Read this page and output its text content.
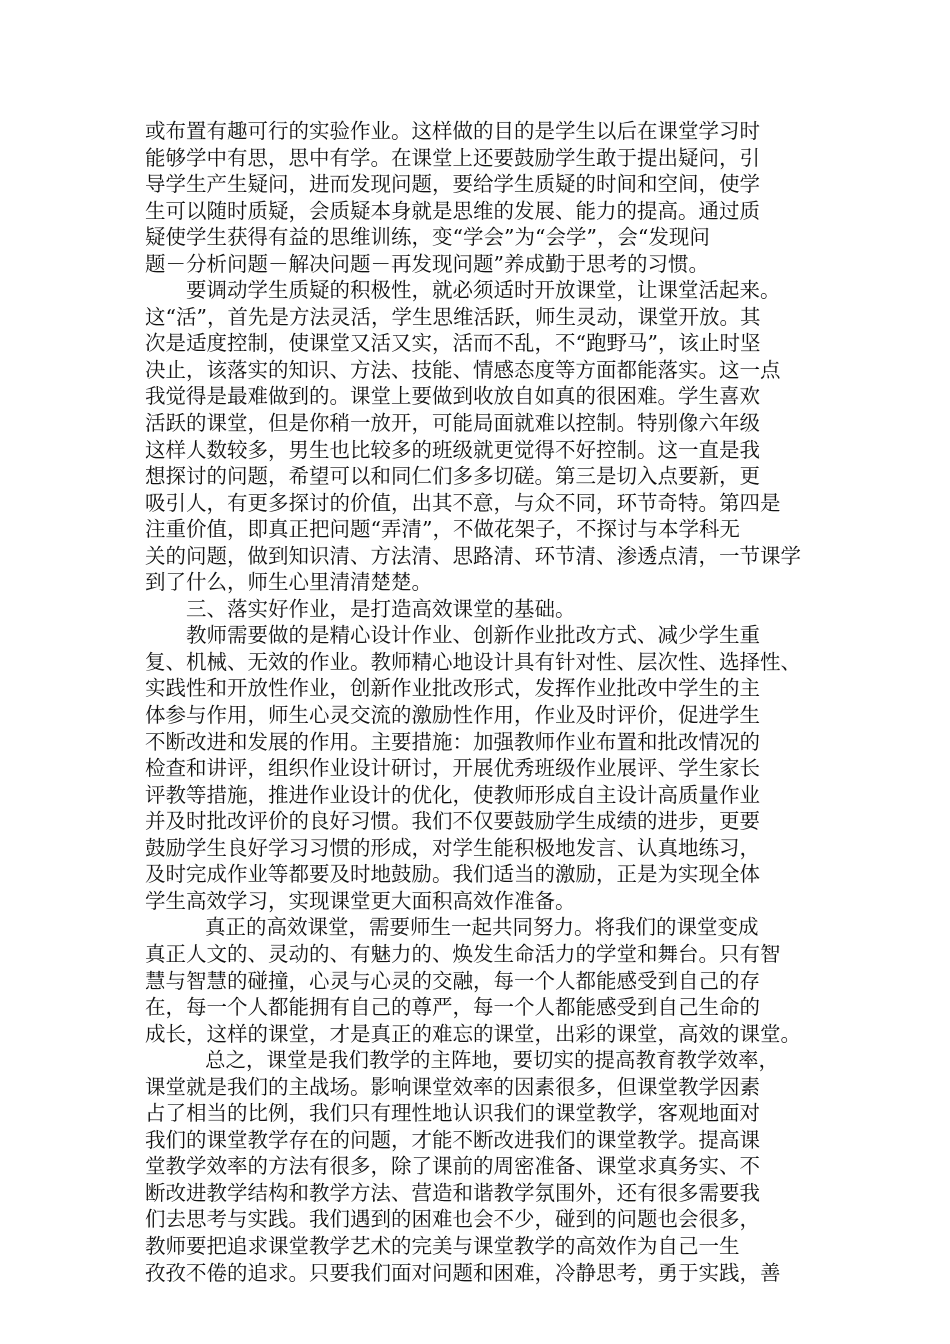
或布置有趣可行的实验作业。这样做的目的是学生以后在课堂学习时
能够学中有思，思中有学。在课堂上还要鼓励学生敢于提出疑问，引
导学生产生疑问，进而发现问题，要给学生质疑的时间和空间，使学
生可以随时质疑，会质疑本身就是思维的发展、能力的提高。通过质
疑使学生获得有益的思维训练，变“学会”为“会学”，会“发现问
题－分析问题－解决问题－再发现问题”养成勤于思考的习惯。
要调动学生质疑的积极性，就必须适时开放课堂，让课堂活起来。
这“活”，首先是方法灵活，学生思维活跃，师生灵动，课堂开放。其
次是适度控制，使课堂又活又实，活而不乱，不“跑野马”，该止时坚
决止，该落实的知识、方法、技能、情感态度等方面都能落实。这一点
我觉得是最难做到的。课堂上要做到收放自如真的很困难。学生喜欢
活跃的课堂，但是你稍一放开，可能局面就难以控制。特别像六年级
这样人数较多，男生也比较多的班级就更觉得不好控制。这一直是我
想探讨的问题，希望可以和同仁们多多切磋。第三是切入点要新，更
吸引人，有更多探讨的价值，出其不意，与众不同，环节奇特。第四是
注重价值，即真正把问题“弄清”，不做花架子，不探讨与本学科无
关的问题，做到知识清、方法清、思路清、环节清、渗透点清，一节课学
到了什么，师生心里清清楚楚。
三、落实好作业，是打造高效课堂的基础。
教师需要做的是精心设计作业、创新作业批改方式、减少学生重
复、机械、无效的作业。教师精心地设计具有针对性、层次性、选择性、
实践性和开放性作业，创新作业批改形式，发挥作业批改中学生的主
体参与作用，师生心灵交流的激励性作用，作业及时评价，促进学生
不断改进和发展的作用。主要措施：加强教师作业布置和批改情况的
检查和讲评，组织作业设计研讨，开展优秀班级作业展评、学生家长
评教等措施，推进作业设计的优化，使教师形成自主设计高质量作业
并及时批改评价的良好习惯。我们不仅要鼓励学生成绩的进步，更要
鼓励学生良好学习习惯的形成，对学生能积极地发言、认真地练习，
及时完成作业等都要及时地鼓励。我们适当的激励，正是为实现全体
学生高效学习，实现课堂更大面积高效作准备。
真正的高效课堂，需要师生一起共同努力。将我们的课堂变成
真正人文的、灵动的、有魅力的、焕发生命活力的学堂和舞台。只有智
慧与智慧的碰撞，心灵与心灵的交融，每一个人都能感受到自己的存
在，每一个人都能拥有自己的尊严，每一个人都能感受到自己生命的
成长，这样的课堂，才是真正的难忘的课堂，出彩的课堂，高效的课堂。
总之，课堂是我们教学的主阵地，要切实的提高教育教学效率，
课堂就是我们的主战场。影响课堂效率的因素很多，但课堂教学因素
占了相当的比例，我们只有理性地认识我们的课堂教学，客观地面对
我们的课堂教学存在的问题，才能不断改进我们的课堂教学。提高课
堂教学效率的方法有很多，除了课前的周密准备、课堂求真务实、不
断改进教学结构和教学方法、营造和谐教学氛围外，还有很多需要我
们去思考与实践。我们遇到的困难也会不少，碰到的问题也会很多，
教师要把追求课堂教学艺术的完美与课堂教学的高效作为自己一生
孜孜不倦的追求。只要我们面对问题和困难，冷静思考，勇于实践，善
